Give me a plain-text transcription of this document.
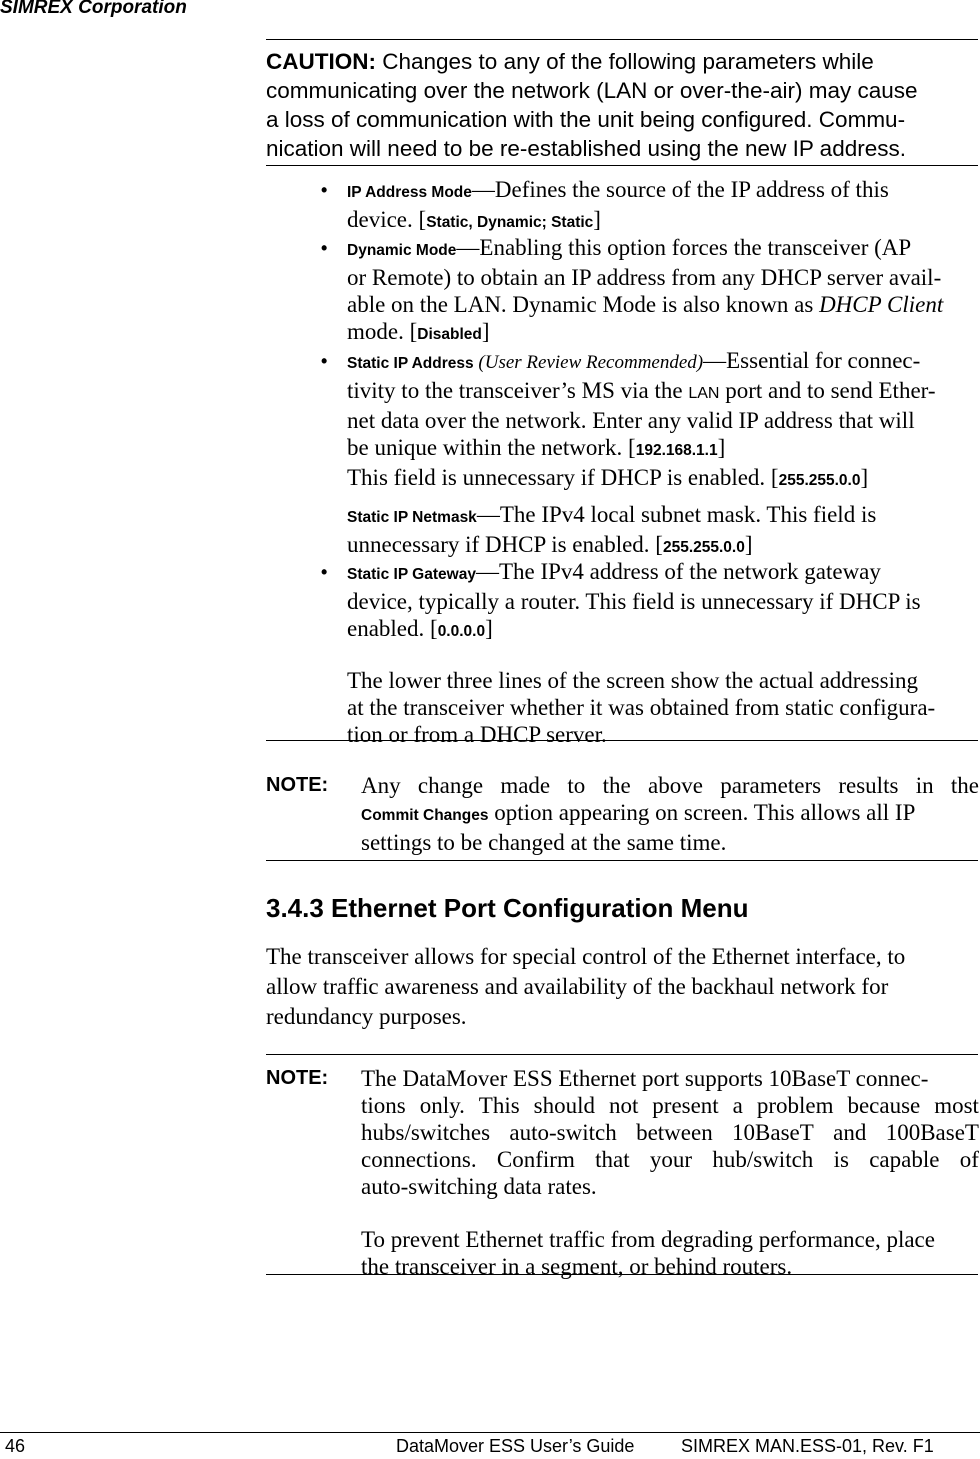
SIMREX Corporation
CAUTION: Changes to any of the following parameters while
communicating over the network (LAN or over-the-air) may cause
a loss of communication with the unit being configured. Commu-
nication will need to be re-established using the new IP address.
• IP Address Mode—Defines the source of the IP address of this
device. [Static, Dynamic; Static]
• Dynamic Mode—Enabling this option forces the transceiver (AP
or Remote) to obtain an IP address from any DHCP server avail-
able on the LAN. Dynamic Mode is also known as DHCP Client
mode. [Disabled]
• Static IP Address (User Review Recommended)—Essential for connec-
tivity to the transceiver’s MS via the LAN port and to send Ether-
net data over the network. Enter any valid IP address that will
be unique within the network. [192.168.1.1]
This field is unnecessary if DHCP is enabled. [255.255.0.0]
Static IP Netmask—The IPv4 local subnet mask. This field is
unnecessary if DHCP is enabled. [255.255.0.0]
• Static IP Gateway—The IPv4 address of the network gateway
device, typically a router. This field is unnecessary if DHCP is
enabled. [0.0.0.0]
The lower three lines of the screen show the actual addressing
at the transceiver whether it was obtained from static configura-
tion or from a DHCP server.
NOTE: Any change made to the above parameters results in the
Commit Changes option appearing on screen. This allows all IP
settings to be changed at the same time.
3.4.3 Ethernet Port Configuration Menu
The transceiver allows for special control of the Ethernet interface, to
allow traffic awareness and availability of the backhaul network for
redundancy purposes.
NOTE: The DataMover ESS Ethernet port supports 10BaseT connec-
tions only. This should not present a problem because most
hubs/switches auto-switch between 10BaseT and 100BaseT
connections. Confirm that your hub/switch is capable of
auto-switching data rates.
To prevent Ethernet traffic from degrading performance, place
the transceiver in a segment, or behind routers.
46	DataMover ESS User’s Guide	SIMREX MAN.ESS-01, Rev. F1
